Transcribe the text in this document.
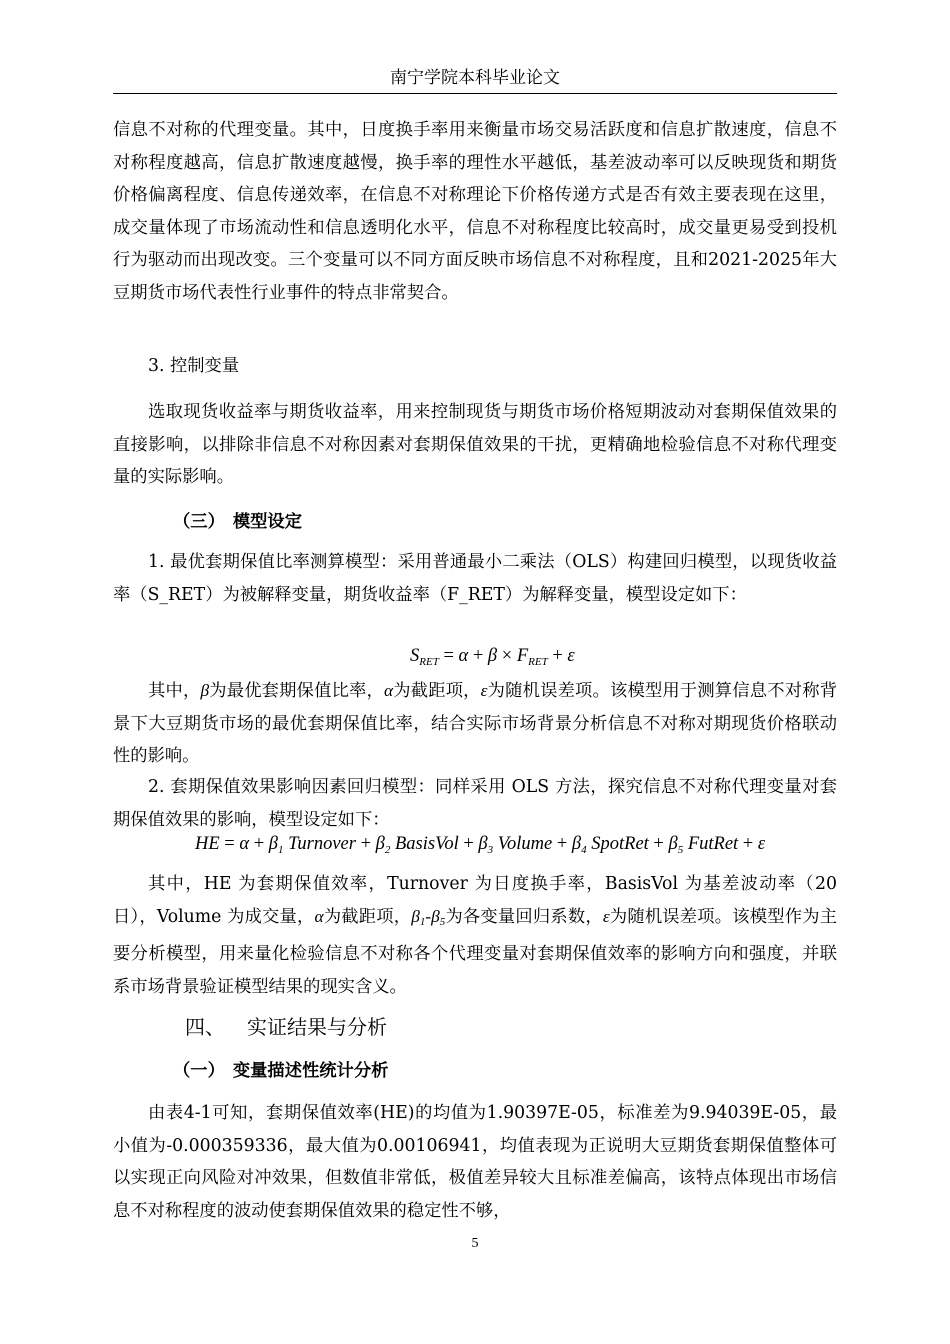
南宁学院本科毕业论文
信息不对称的代理变量。其中，日度换手率用来衡量市场交易活跃度和信息扩散速度，信息不对称程度越高，信息扩散速度越慢，换手率的理性水平越低，基差波动率可以反映现货和期货价格偏离程度、信息传递效率，在信息不对称理论下价格传递方式是否有效主要表现在这里，成交量体现了市场流动性和信息透明化水平，信息不对称程度比较高时，成交量更易受到投机行为驱动而出现改变。三个变量可以不同方面反映市场信息不对称程度，且和2021-2025年大豆期货市场代表性行业事件的特点非常契合。
3. 控制变量
选取现货收益率与期货收益率，用来控制现货与期货市场价格短期波动对套期保值效果的直接影响，以排除非信息不对称因素对套期保值效果的干扰，更精确地检验信息不对称代理变量的实际影响。
（三） 模型设定
1. 最优套期保值比率测算模型：采用普通最小二乘法（OLS）构建回归模型，以现货收益率（S_RET）为被解释变量，期货收益率（F_RET）为解释变量，模型设定如下：
$S_{RET} = \alpha + \beta \times F_{RET} + \varepsilon$
其中，β为最优套期保值比率，α为截距项，ε为随机误差项。该模型用于测算信息不对称背景下大豆期货市场的最优套期保值比率，结合实际市场背景分析信息不对称对期现货价格联动性的影响。
2. 套期保值效果影响因素回归模型：同样采用 OLS 方法，探究信息不对称代理变量对套期保值效果的影响，模型设定如下：
HE = $\alpha + \beta_1$ Turnover + $\beta_2$ BasisVol + $\beta_3$ Volume + $\beta_4$ SpotRet + $\beta_5$ FutRet + ε
其中，HE 为套期保值效率，Turnover 为日度换手率，BasisVol 为基差波动率（20日），Volume 为成交量，α为截距项，$\beta_1-\beta_5$为各变量回归系数，ε为随机误差项。该模型作为主要分析模型，用来量化检验信息不对称各个代理变量对套期保值效率的影响方向和强度，并联系市场背景验证模型结果的现实含义。
四、 实证结果与分析
（一） 变量描述性统计分析
由表4-1可知，套期保值效率(HE)的均值为1.90397E-05，标准差为9.94039E-05，最小值为-0.000359336，最大值为0.00106941，均值表现为正说明大豆期货套期保值整体可以实现正向风险对冲效果，但数值非常低，极值差异较大且标准差偏高，该特点体现出市场信息不对称程度的波动使套期保值效果的稳定性不够，
5
